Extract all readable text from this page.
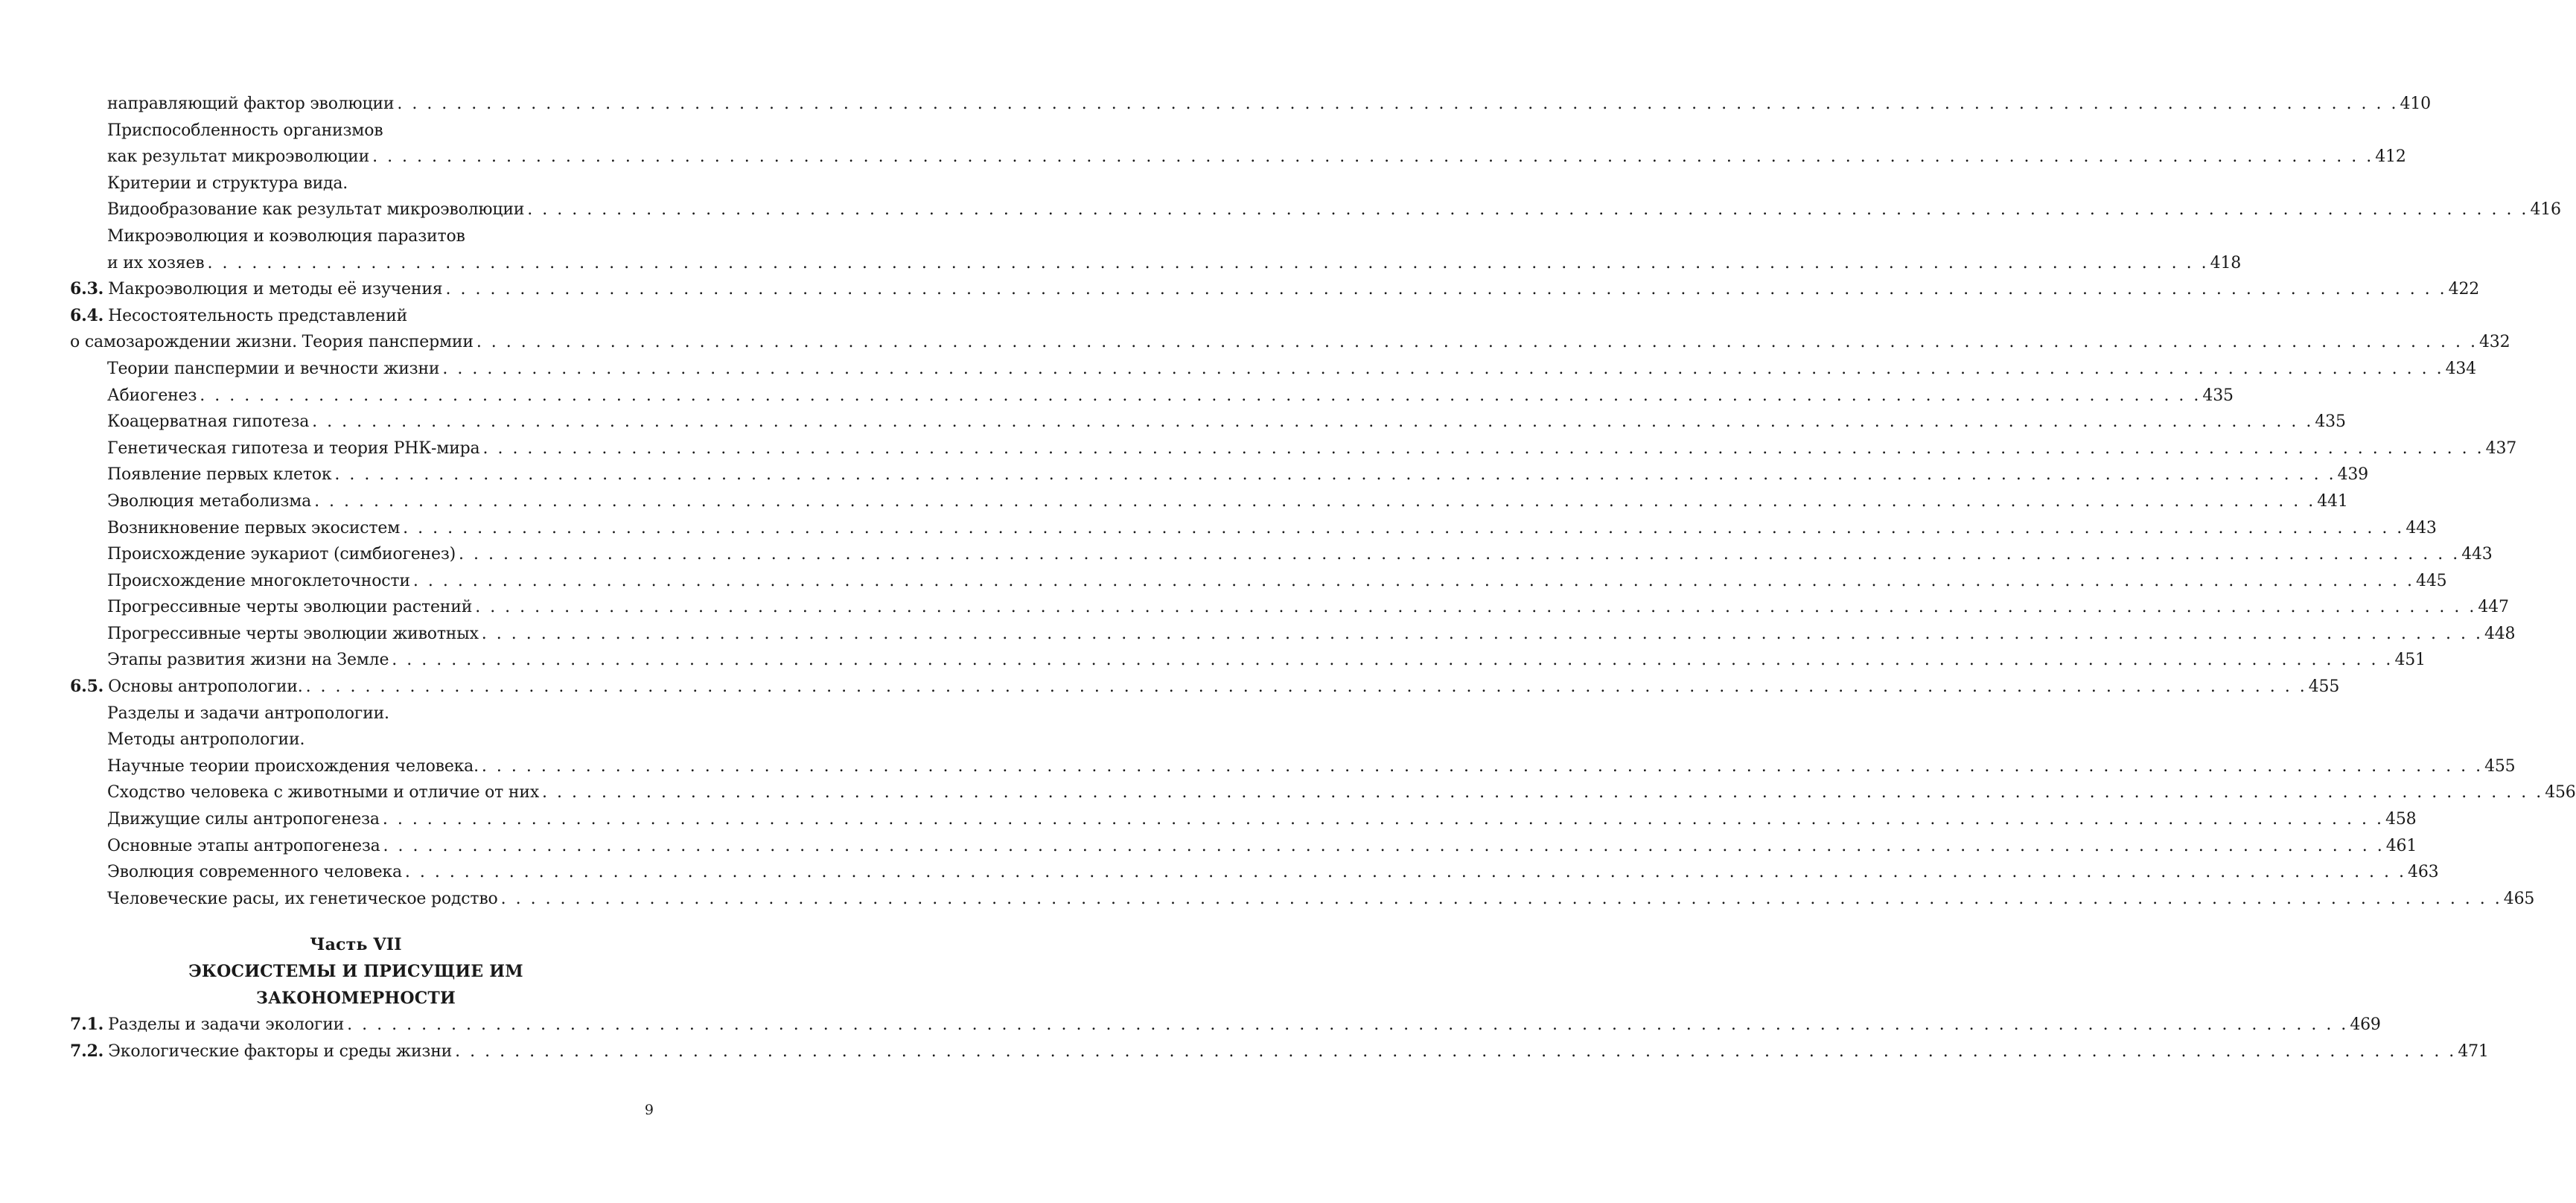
направляющий фактор эволюции . . .	410
Приспособленность организмов
как результат микроэволюции . . .	412
Критерии и структура вида.
Видообразование как результат микроэволюции . . .	416
Микроэволюция и коэволюция паразитов
и их хозяев . . .	418
6.3. Макроэволюция и методы её изучения . . .	422
6.4. Несостоятельность представлений
о самозарождении жизни. Теория панспермии . . .	432
Теории панспермии и вечности жизни . . .	434
Абиогенез . . .	435
Коацерватная гипотеза . . .	435
Генетическая гипотеза и теория РНК-мира . . .	437
Появление первых клеток . . .	439
Эволюция метаболизма . . .	441
Возникновение первых экосистем . . .	443
Происхождение эукариот (симбиогенез) . . .	443
Происхождение многоклеточности . . .	445
Прогрессивные черты эволюции растений . . .	447
Прогрессивные черты эволюции животных . . .	448
Этапы развития жизни на Земле . . .	451
6.5. Основы антропологии. . . .	455
Разделы и задачи антропологии.
Методы антропологии.
Научные теории происхождения человека. . . .	455
Сходство человека с животными и отличие от них . . .	456
Движущие силы антропогенеза . . .	458
Основные этапы антропогенеза . . .	461
Эволюция современного человека . . .	463
Человеческие расы, их генетическое родство . . .	465
Часть VII
ЭКОСИСТЕМЫ И ПРИСУЩИЕ ИМ
ЗАКОНОМЕРНОСТИ
7.1. Разделы и задачи экологии . . .	469
7.2. Экологические факторы и среды жизни . . .	471
9
